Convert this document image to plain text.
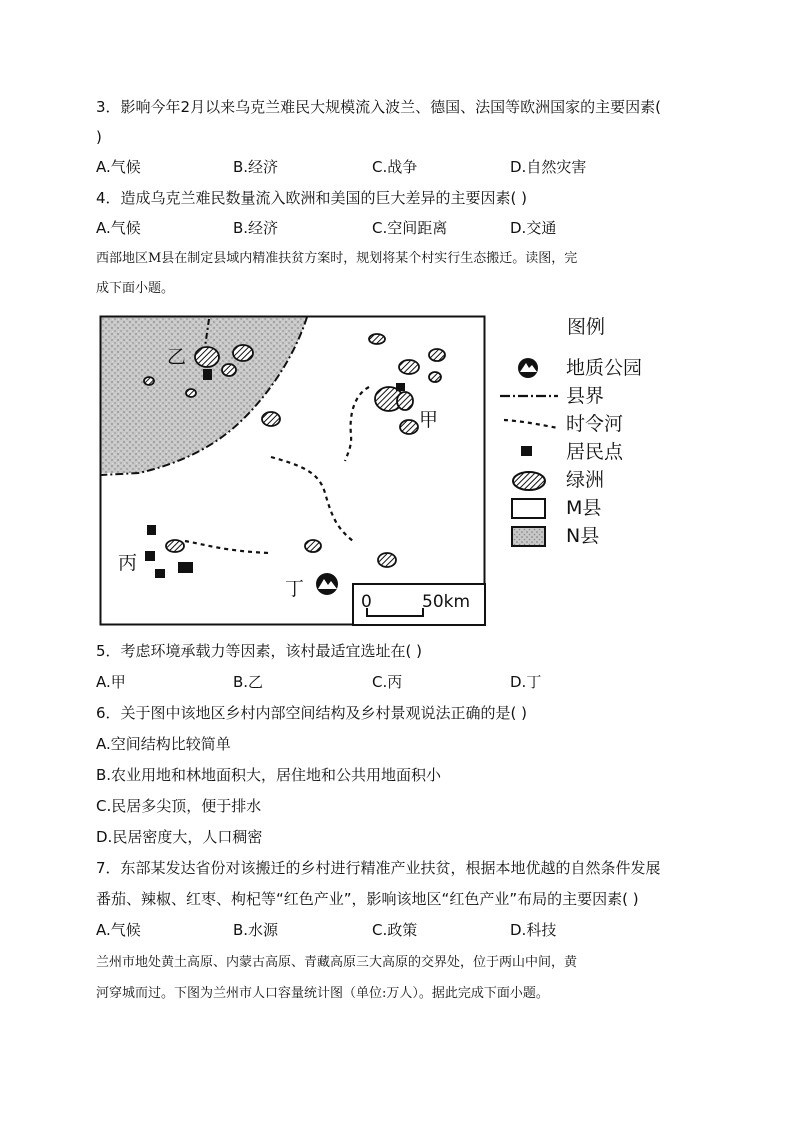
3．影响今年2月以来乌克兰难民大规模流入波兰、德国、法国等欧洲国家的主要因素(
)
A.气候	B.经济	C.战争	D.自然灾害
4．造成乌克兰难民数量流入欧洲和美国的巨大差异的主要因素( )
A.气候	B.经济	C.空间距离	D.交通
西部地区M县在制定县域内精准扶贫方案时，规划将某个村实行生态搬迁。读图，完
成下面小题。
乙
甲
丙
丁
0	50km
图例
地质公园
县界
时令河
居民点
绿洲
M县
N县
5．考虑环境承载力等因素，该村最适宜选址在( )
A.甲	B.乙	C.丙	D.丁
6．关于图中该地区乡村内部空间结构及乡村景观说法正确的是( )
A.空间结构比较简单
B.农业用地和林地面积大，居住地和公共用地面积小
C.民居多尖顶，便于排水
D.民居密度大，人口稠密
7．东部某发达省份对该搬迁的乡村进行精准产业扶贫，根据本地优越的自然条件发展
番茄、辣椒、红枣、枸杞等“红色产业”，影响该地区“红色产业”布局的主要因素( )
A.气候	B.水源	C.政策	D.科技
兰州市地处黄土高原、内蒙古高原、青藏高原三大高原的交界处，位于两山中间，黄
河穿城而过。下图为兰州市人口容量统计图（单位:万人）。据此完成下面小题。
